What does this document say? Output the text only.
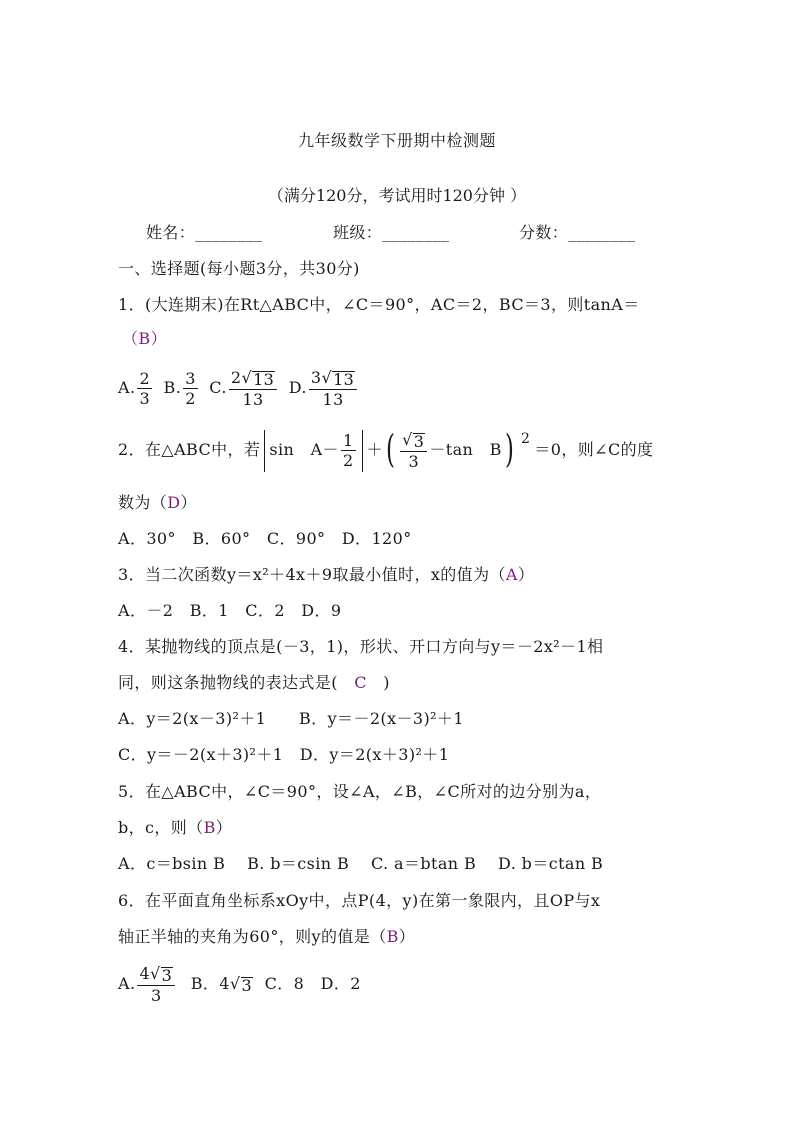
九年级数学下册期中检测题
（满分120分，考试用时120分钟 ）
姓名：________	班级：________	分数：________
一、选择题(每小题3分，共30分)
1．(大连期末)在Rt△ABC中，∠C＝90°，AC＝2，BC＝3，则tanA＝
（B）
A. $\frac{2}{3} B$. $\frac{3}{2} C$. $\frac{2 √ 13}{13} D$. $\frac{3 √ 13}{13}$
2．在△ABC中，若 sin　$A- \frac{1}{2}$ ＋( $\frac{√ 3}{3} -\tan$　B) 2＝0，则∠C的度
数为（D）
A．30°　B．60°　C．90°　D．120°
3．当二次函数y＝x²＋4x＋9取最小值时，x的值为（A）
A．－2　B．1　C．2　D．9
4．某抛物线的顶点是(－3，1)，形状、开口方向与y＝－2x²－1相
同，则这条抛物线的表达式是(　C　)
A．y＝2(x－3)²＋1　　B．y＝－2(x－3)²＋1
C．y＝－2(x＋3)²＋1　D．y＝2(x＋3)²＋1
5．在△ABC中，∠C＝90°，设∠A，∠B，∠C所对的边分别为a，
b，c，则（B）
A．c＝bsin B　 B. b＝csin B　 C. a＝btan B　 D. b＝ctan B
6．在平面直角坐标系xOy中，点P(4，y)在第一象限内，且OP与x
轴正半轴的夹角为60°，则y的值是（B）
A. $\frac{4 √ 3}{3}$ B．4 √ 3 C．8　D．2
